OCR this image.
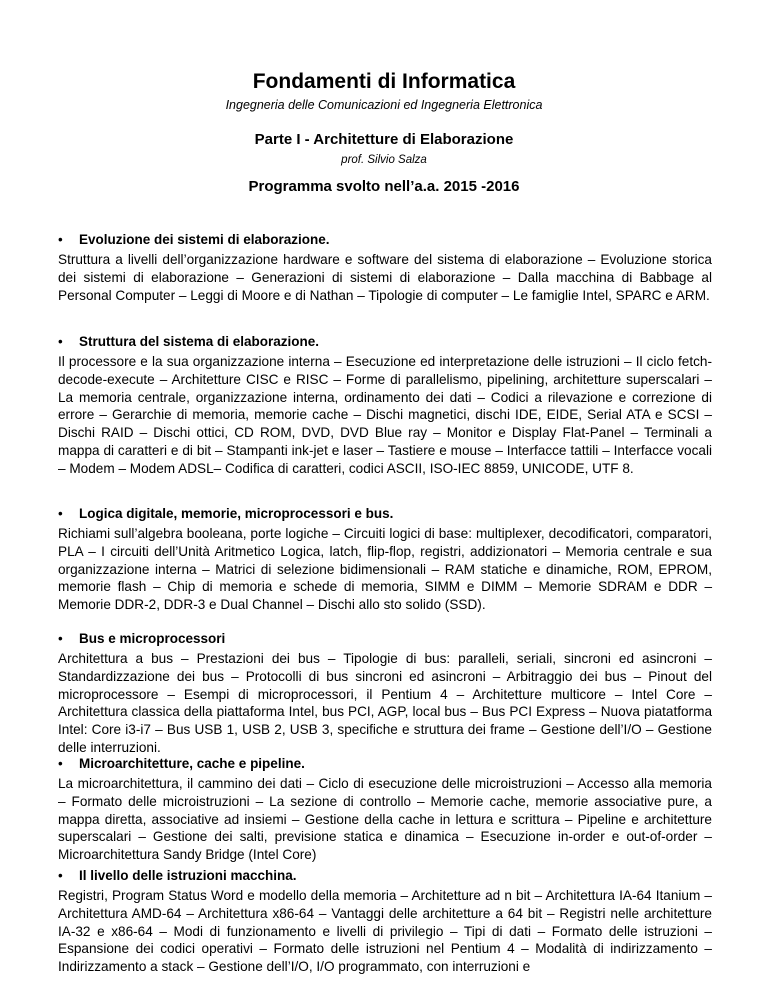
Fondamenti di Informatica
Ingegneria delle Comunicazioni ed Ingegneria Elettronica
Parte I - Architetture di Elaborazione
prof. Silvio Salza
Programma svolto nell’a.a. 2015 -2016
• Evoluzione dei sistemi di elaborazione.
Struttura a livelli dell’organizzazione hardware e software del sistema di elaborazione – Evoluzione storica dei sistemi di elaborazione – Generazioni di sistemi di elaborazione – Dalla macchina di Babbage al Personal Computer – Leggi di Moore e di Nathan – Tipologie di computer – Le famiglie Intel, SPARC e ARM.
• Struttura del sistema di elaborazione.
Il processore e la sua organizzazione interna – Esecuzione ed interpretazione delle istruzioni – Il ciclo fetch-decode-execute – Architetture CISC e RISC – Forme di parallelismo, pipelining, architetture superscalari – La memoria centrale, organizzazione interna, ordinamento dei dati – Codici a rilevazione e correzione di errore – Gerarchie di memoria, memorie cache – Dischi magnetici, dischi IDE, EIDE, Serial ATA e SCSI – Dischi RAID – Dischi ottici, CD ROM, DVD, DVD Blue ray – Monitor e Display Flat-Panel – Terminali a mappa di caratteri e di bit – Stampanti ink-jet e laser – Tastiere e mouse – Interfacce tattili – Interfacce vocali – Modem – Modem ADSL– Codifica di caratteri, codici ASCII, ISO-IEC 8859, UNICODE, UTF 8.
• Logica digitale, memorie, microprocessori e bus.
Richiami sull’algebra booleana, porte logiche – Circuiti logici di base: multiplexer, decodificatori, comparatori, PLA – I circuiti dell’Unità Aritmetico Logica, latch, flip-flop, registri, addizionatori – Memoria centrale e sua organizzazione interna – Matrici di selezione bidimensionali – RAM statiche e dinamiche, ROM, EPROM, memorie flash – Chip di memoria e schede di memoria, SIMM e DIMM – Memorie SDRAM e DDR – Memorie DDR-2, DDR-3 e Dual Channel – Dischi allo sto solido (SSD).
• Bus e microprocessori
Architettura a bus – Prestazioni dei bus – Tipologie di bus: paralleli, seriali, sincroni ed asincroni – Standardizzazione dei bus – Protocolli di bus sincroni ed asincroni – Arbitraggio dei bus – Pinout del microprocessore – Esempi di microprocessori, il Pentium 4 – Architetture multicore – Intel Core – Architettura classica della piattaforma Intel, bus PCI, AGP, local bus – Bus PCI Express – Nuova piatatforma Intel: Core i3-i7 – Bus USB 1, USB 2, USB 3, specifiche e struttura dei frame – Gestione dell’I/O – Gestione delle interruzioni.
• Microarchitetture, cache e pipeline.
La microarchitettura, il cammino dei dati – Ciclo di esecuzione delle microistruzioni – Accesso alla memoria – Formato delle microistruzioni – La sezione di controllo – Memorie cache, memorie associative pure, a mappa diretta, associative ad insiemi – Gestione della cache in lettura e scrittura – Pipeline e architetture superscalari – Gestione dei salti, previsione statica e dinamica – Esecuzione in-order e out-of-order – Microarchitettura Sandy Bridge (Intel Core)
• Il livello delle istruzioni macchina.
Registri, Program Status Word e modello della memoria – Architetture ad n bit – Architettura IA-64 Itanium – Architettura AMD-64 – Architettura x86-64 – Vantaggi delle architetture a 64 bit – Registri nelle architetture IA-32 e x86-64 – Modi di funzionamento e livelli di privilegio – Tipi di dati – Formato delle istruzioni – Espansione dei codici operativi – Formato delle istruzioni nel Pentium 4 – Modalità di indirizzamento – Indirizzamento a stack – Gestione dell’I/O, I/O programmato, con interruzioni e
